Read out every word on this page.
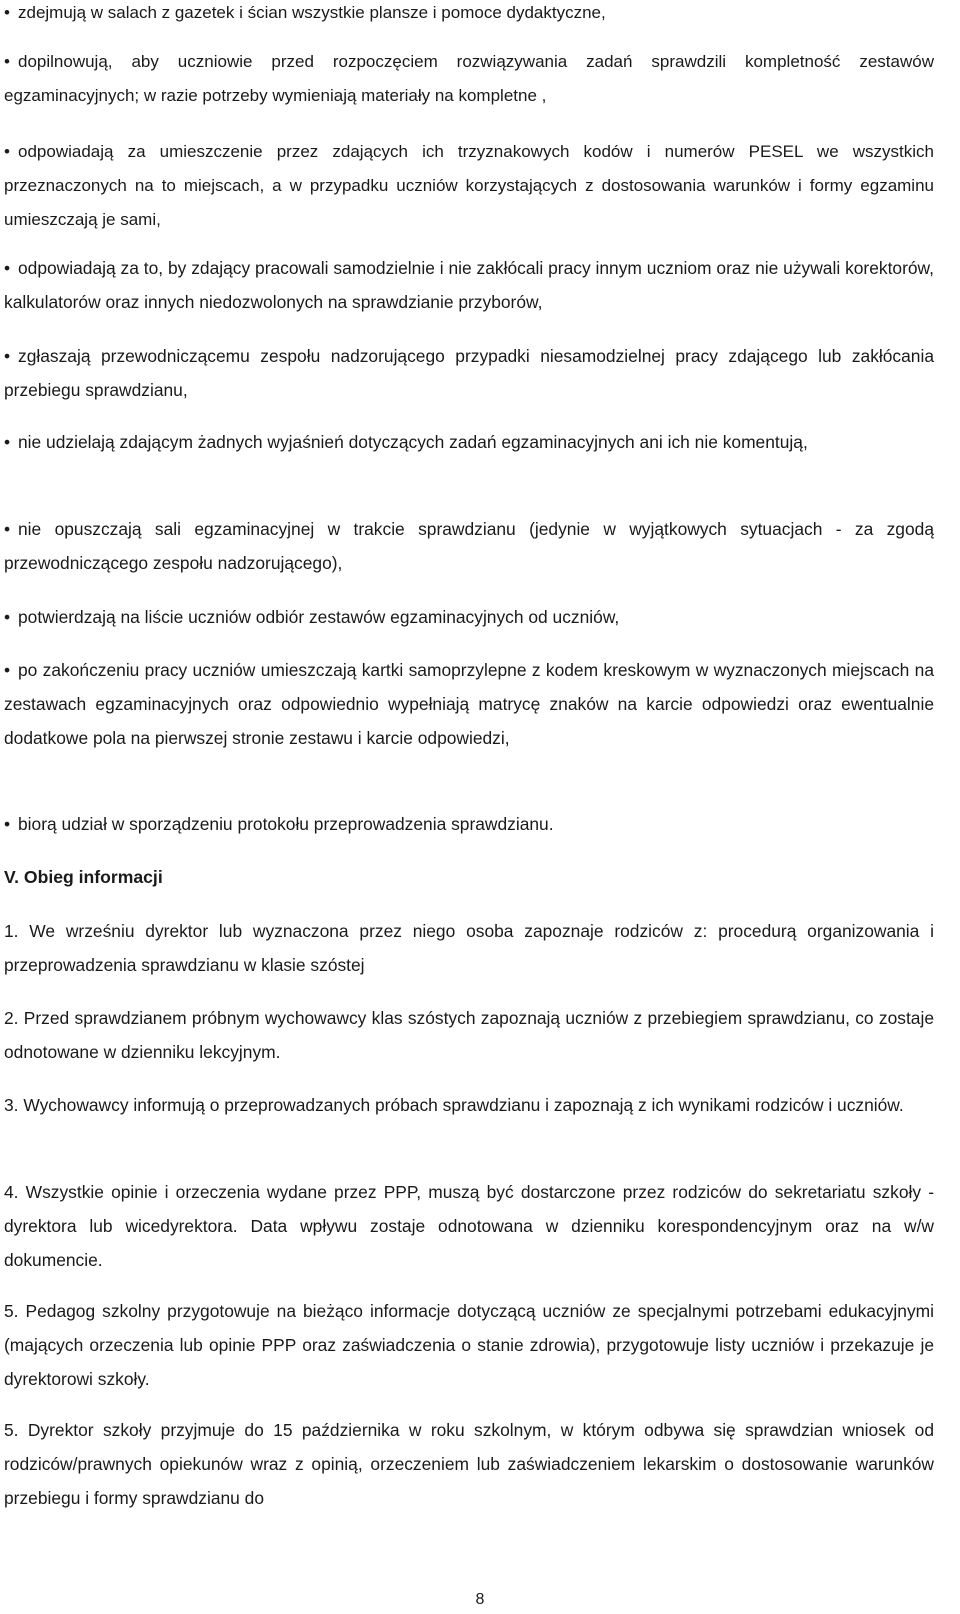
• zdejmują w salach z gazetek i ścian wszystkie plansze i pomoce dydaktyczne,

• dopilnowują, aby uczniowie przed rozpoczęciem rozwiązywania zadań sprawdzili kompletność zestawów egzaminacyjnych; w razie potrzeby wymieniają materiały na kompletne ,

• odpowiadają za umieszczenie przez zdających ich trzyznakowych kodów i numerów PESEL we wszystkich przeznaczonych na to miejscach, a w przypadku uczniów korzystających z dostosowania warunków i formy egzaminu umieszczają je sami,

• odpowiadają za to, by zdający pracowali samodzielnie i nie zakłócali pracy innym uczniom oraz nie używali korektorów, kalkulatorów oraz innych niedozwolonych na sprawdzianie przyborów,

• zgłaszają przewodniczącemu zespołu nadzorującego przypadki niesamodzielnej pracy zdającego lub zakłócania przebiegu sprawdzianu,

• nie udzielają zdającym żadnych wyjaśnień dotyczących zadań egzaminacyjnych ani ich nie komentują,

• nie opuszczają sali egzaminacyjnej w trakcie sprawdzianu (jedynie w wyjątkowych sytuacjach - za zgodą przewodniczącego zespołu nadzorującego),

• potwierdzają na liście uczniów odbiór zestawów egzaminacyjnych od uczniów,

• po zakończeniu pracy uczniów umieszczają kartki samoprzylepne z kodem kreskowym w wyznaczonych miejscach na zestawach egzaminacyjnych oraz odpowiednio wypełniają matrycę znaków na karcie odpowiedzi oraz ewentualnie dodatkowe pola na pierwszej stronie zestawu i karcie odpowiedzi,

• biorą udział w sporządzeniu protokołu przeprowadzenia sprawdzianu.

V. Obieg informacji

1. We wrześniu dyrektor lub wyznaczona przez niego osoba zapoznaje rodziców z: procedurą organizowania i przeprowadzenia sprawdzianu w klasie szóstej

2. Przed sprawdzianem próbnym wychowawcy klas szóstych zapoznają uczniów z przebiegiem sprawdzianu, co zostaje odnotowane w dzienniku lekcyjnym.

3. Wychowawcy informują o przeprowadzanych próbach sprawdzianu i zapoznają z ich wynikami rodziców i uczniów.

4. Wszystkie opinie i orzeczenia wydane przez PPP, muszą być dostarczone przez rodziców do sekretariatu szkoły - dyrektora lub wicedyrektora. Data wpływu zostaje odnotowana w dzienniku korespondencyjnym oraz na w/w dokumencie.

5. Pedagog szkolny przygotowuje na bieżąco informacje dotyczącą uczniów ze specjalnymi potrzebami edukacyjnymi (mających orzeczenia lub opinie PPP oraz zaświadczenia o stanie zdrowia), przygotowuje listy uczniów i przekazuje je dyrektorowi szkoły.

5. Dyrektor szkoły przyjmuje do 15 października w roku szkolnym, w którym odbywa się sprawdzian wniosek od rodziców/prawnych opiekunów wraz z opinią, orzeczeniem lub zaświadczeniem lekarskim o dostosowanie warunków przebiegu i formy sprawdzianu do

8
